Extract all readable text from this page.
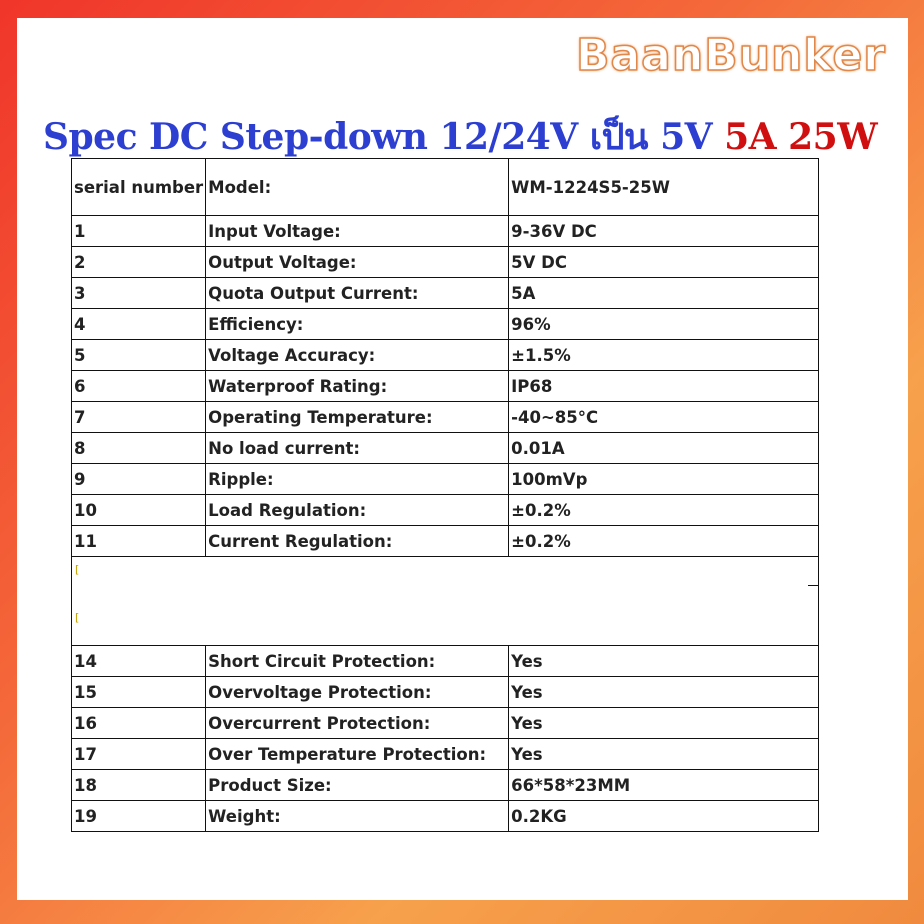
BaanBunker
Spec DC Step-down 12/24V เป็น 5V 5A 25W
serial number	Model:	WM-1224S5-25W
1	Input Voltage:	9-36V DC
2	Output Voltage:	5V DC
3	Quota Output Current:	5A
4	Efficiency:	96%
5	Voltage Accuracy:	±1.5%
6	Waterproof Rating:	IP68
7	Operating Temperature:	-40~85°C
8	No load current:	0.01A
9	Ripple:	100mVp
10	Load Regulation:	±0.2%
11	Current Regulation:	±0.2%

[
[		

14	Short Circuit Protection:	Yes
15	Overvoltage Protection:	Yes
16	Overcurrent Protection:	Yes
17	Over Temperature Protection:	Yes
18	Product Size:	66*58*23MM
19	Weight:	0.2KG
